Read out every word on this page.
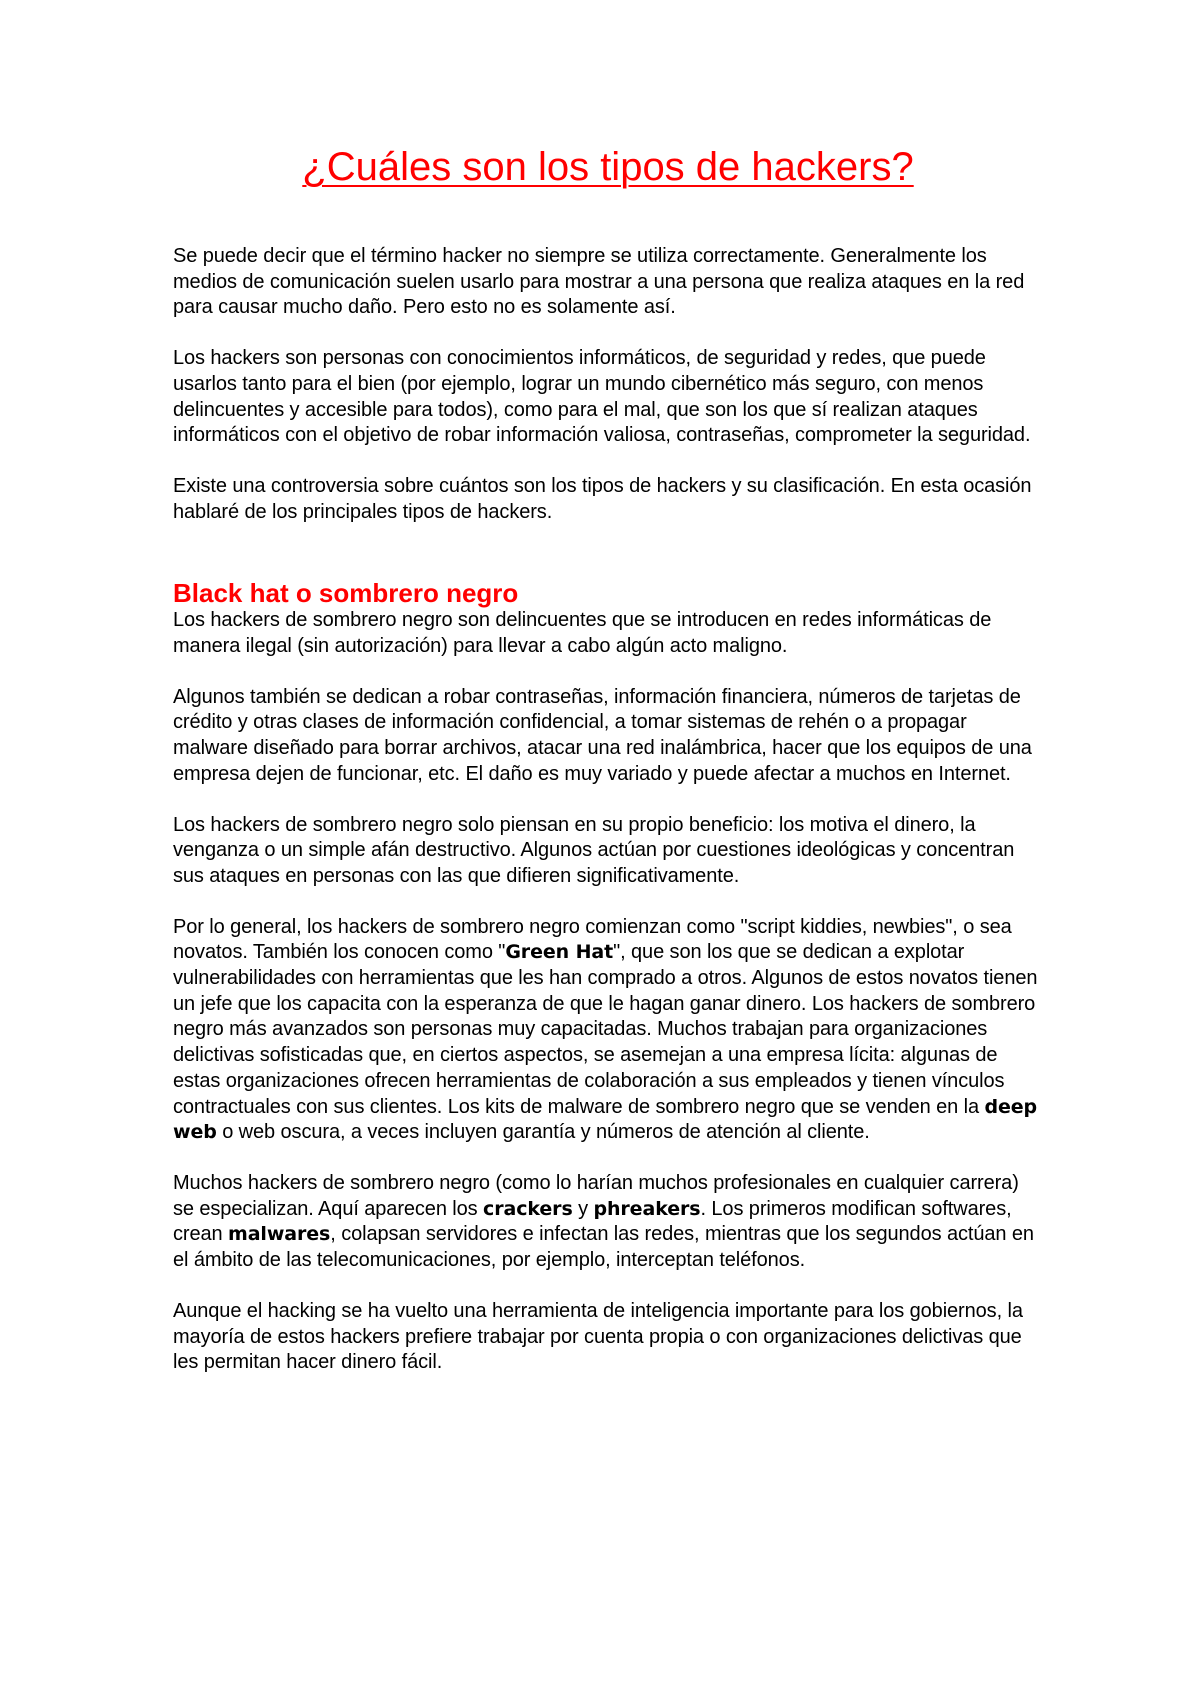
¿Cuáles son los tipos de hackers?

Se puede decir que el término hacker no siempre se utiliza correctamente. Generalmente los medios de comunicación suelen usarlo para mostrar a una persona que realiza ataques en la red para causar mucho daño. Pero esto no es solamente así.

Los hackers son personas con conocimientos informáticos, de seguridad y redes, que puede usarlos tanto para el bien (por ejemplo, lograr un mundo cibernético más seguro, con menos delincuentes y accesible para todos), como para el mal, que son los que sí realizan ataques informáticos con el objetivo de robar información valiosa, contraseñas, comprometer la seguridad.

Existe una controversia sobre cuántos son los tipos de hackers y su clasificación. En esta ocasión hablaré de los principales tipos de hackers.

Black hat o sombrero negro

Los hackers de sombrero negro son delincuentes que se introducen en redes informáticas de manera ilegal (sin autorización) para llevar a cabo algún acto maligno.

Algunos también se dedican a robar contraseñas, información financiera, números de tarjetas de crédito y otras clases de información confidencial, a tomar sistemas de rehén o a propagar malware diseñado para borrar archivos, atacar una red inalámbrica, hacer que los equipos de una empresa dejen de funcionar, etc. El daño es muy variado y puede afectar a muchos en Internet.

Los hackers de sombrero negro solo piensan en su propio beneficio: los motiva el dinero, la venganza o un simple afán destructivo. Algunos actúan por cuestiones ideológicas y concentran sus ataques en personas con las que difieren significativamente.

Por lo general, los hackers de sombrero negro comienzan como "script kiddies, newbies", o sea novatos. También los conocen como "Green Hat", que son los que se dedican a explotar vulnerabilidades con herramientas que les han comprado a otros. Algunos de estos novatos tienen un jefe que los capacita con la esperanza de que le hagan ganar dinero. Los hackers de sombrero negro más avanzados son personas muy capacitadas. Muchos trabajan para organizaciones delictivas sofisticadas que, en ciertos aspectos, se asemejan a una empresa lícita: algunas de estas organizaciones ofrecen herramientas de colaboración a sus empleados y tienen vínculos contractuales con sus clientes. Los kits de malware de sombrero negro que se venden en la deep web o web oscura, a veces incluyen garantía y números de atención al cliente.

Muchos hackers de sombrero negro (como lo harían muchos profesionales en cualquier carrera) se especializan. Aquí aparecen los crackers y phreakers. Los primeros modifican softwares, crean malwares, colapsan servidores e infectan las redes, mientras que los segundos actúan en el ámbito de las telecomunicaciones, por ejemplo, interceptan teléfonos.

Aunque el hacking se ha vuelto una herramienta de inteligencia importante para los gobiernos, la mayoría de estos hackers prefiere trabajar por cuenta propia o con organizaciones delictivas que les permitan hacer dinero fácil.
